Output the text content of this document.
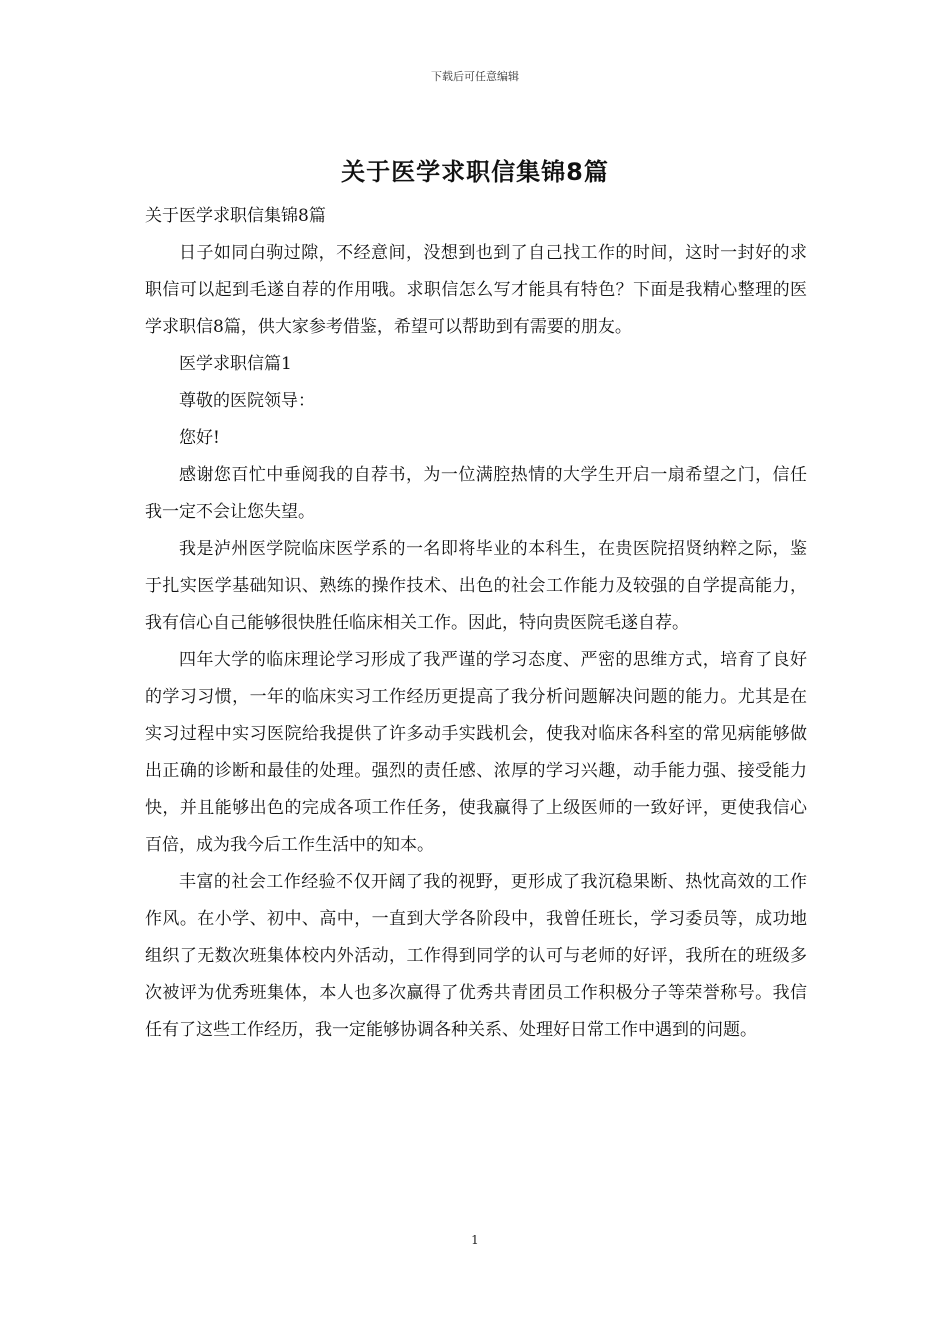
下载后可任意编辑
关于医学求职信集锦8篇

关于医学求职信集锦8篇

日子如同白驹过隙，不经意间，没想到也到了自己找工作的时间，这时一封好的求职信可以起到毛遂自荐的作用哦。求职信怎么写才能具有特色？下面是我精心整理的医学求职信8篇，供大家参考借鉴，希望可以帮助到有需要的朋友。

医学求职信篇1

尊敬的医院领导：

您好!

感谢您百忙中垂阅我的自荐书，为一位满腔热情的大学生开启一扇希望之门，信任我一定不会让您失望。

我是泸州医学院临床医学系的一名即将毕业的本科生，在贵医院招贤纳粹之际，鉴于扎实医学基础知识、熟练的操作技术、出色的社会工作能力及较强的自学提高能力，我有信心自己能够很快胜任临床相关工作。因此，特向贵医院毛遂自荐。

四年大学的临床理论学习形成了我严谨的学习态度、严密的思维方式，培育了良好的学习习惯，一年的临床实习工作经历更提高了我分析问题解决问题的能力。尤其是在实习过程中实习医院给我提供了许多动手实践机会，使我对临床各科室的常见病能够做出正确的诊断和最佳的处理。强烈的责任感、浓厚的学习兴趣，动手能力强、接受能力快，并且能够出色的完成各项工作任务，使我赢得了上级医师的一致好评，更使我信心百倍，成为我今后工作生活中的知本。

丰富的社会工作经验不仅开阔了我的视野，更形成了我沉稳果断、热忱高效的工作作风。在小学、初中、高中，一直到大学各阶段中，我曾任班长，学习委员等，成功地组织了无数次班集体校内外活动，工作得到同学的认可与老师的好评，我所在的班级多次被评为优秀班集体，本人也多次赢得了优秀共青团员工作积极分子等荣誉称号。我信任有了这些工作经历，我一定能够协调各种关系、处理好日常工作中遇到的问题。

1
